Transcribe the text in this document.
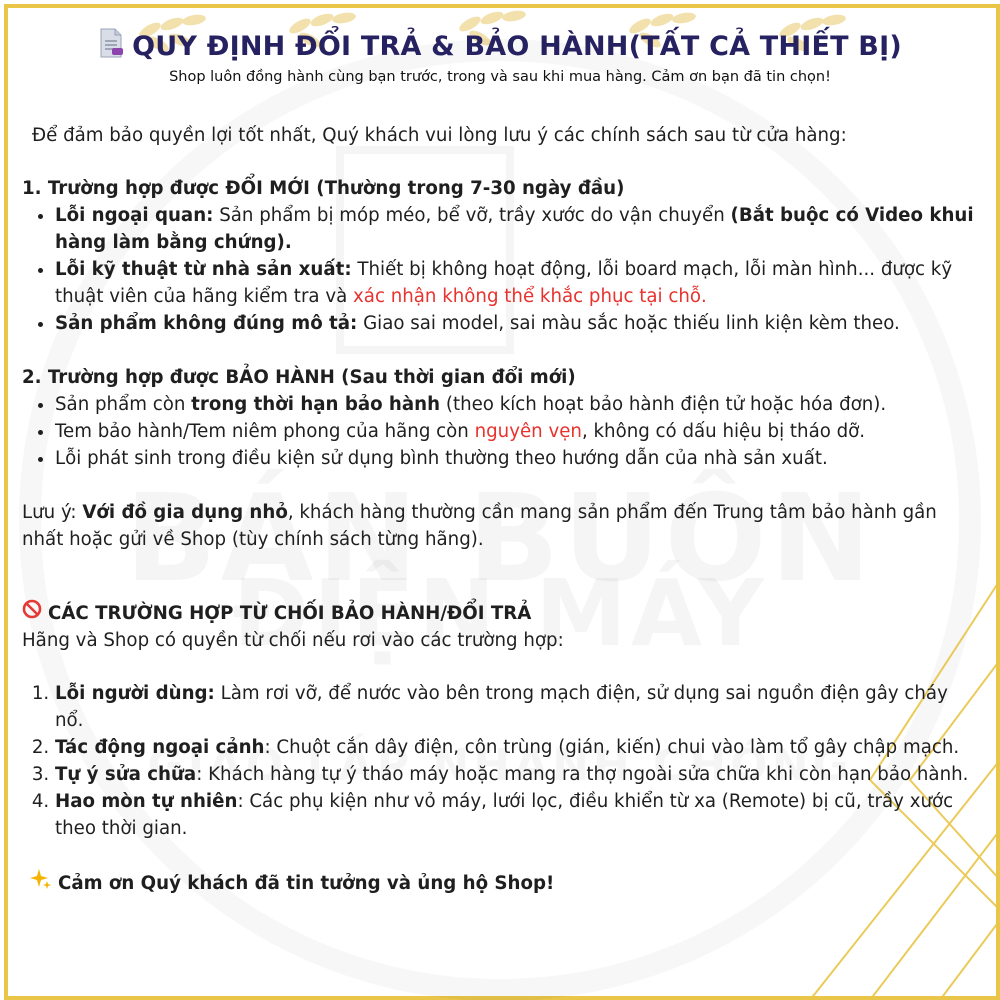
QUY ĐỊNH ĐỔI TRẢ & BẢO HÀNH(TẤT CẢ THIẾT BỊ)
Shop luôn đồng hành cùng bạn trước, trong và sau khi mua hàng. Cảm ơn bạn đã tin chọn!

Để đảm bảo quyền lợi tốt nhất, Quý khách vui lòng lưu ý các chính sách sau từ cửa hàng:

1. Trường hợp được ĐỔI MỚI (Thường trong 7-30 ngày đầu)

• Lỗi ngoại quan: Sản phẩm bị móp méo, bể vỡ, trầy xước do vận chuyển (Bắt buộc có Video khui hàng làm bằng chứng).
• Lỗi kỹ thuật từ nhà sản xuất: Thiết bị không hoạt động, lỗi board mạch, lỗi màn hình... được kỹ thuật viên của hãng kiểm tra và xác nhận không thể khắc phục tại chỗ.
• Sản phẩm không đúng mô tả: Giao sai model, sai màu sắc hoặc thiếu linh kiện kèm theo.

2. Trường hợp được BẢO HÀNH (Sau thời gian đổi mới)

• Sản phẩm còn trong thời hạn bảo hành (theo kích hoạt bảo hành điện tử hoặc hóa đơn).
• Tem bảo hành/Tem niêm phong của hãng còn nguyên vẹn, không có dấu hiệu bị tháo dỡ.
• Lỗi phát sinh trong điều kiện sử dụng bình thường theo hướng dẫn của nhà sản xuất.

Lưu ý: Với đồ gia dụng nhỏ, khách hàng thường cần mang sản phẩm đến Trung tâm bảo hành gần nhất hoặc gửi về Shop (tùy chính sách từng hãng).

CÁC TRƯỜNG HỢP TỪ CHỐI BẢO HÀNH/ĐỔI TRẢ

Hãng và Shop có quyền từ chối nếu rơi vào các trường hợp:

1. Lỗi người dùng: Làm rơi vỡ, để nước vào bên trong mạch điện, sử dụng sai nguồn điện gây cháy nổ.
2. Tác động ngoại cảnh: Chuột cắn dây điện, côn trùng (gián, kiến) chui vào làm tổ gây chập mạch.
3. Tự ý sửa chữa: Khách hàng tự ý tháo máy hoặc mang ra thợ ngoài sửa chữa khi còn hạn bảo hành.
4. Hao mòn tự nhiên: Các phụ kiện như vỏ máy, lưới lọc, điều khiển từ xa (Remote) bị cũ, trầy xước theo thời gian.

Cảm ơn Quý khách đã tin tưởng và ủng hộ Shop!
